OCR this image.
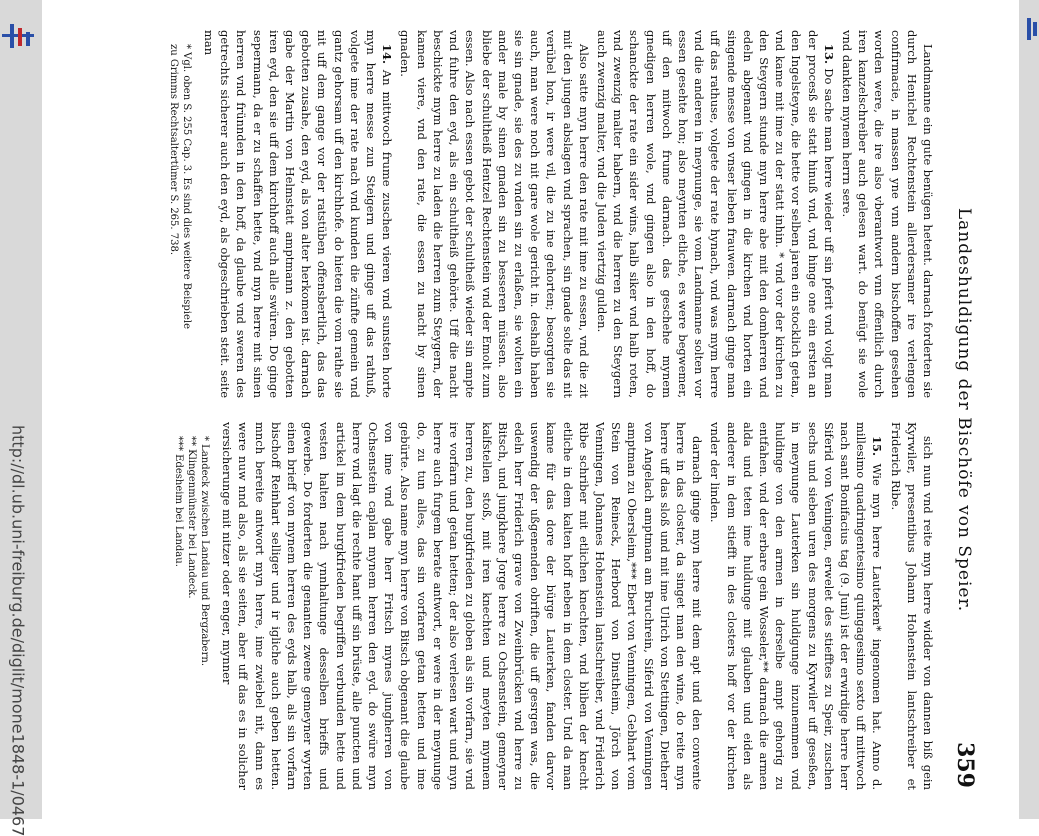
http://dl.ub.uni-freiburg.de/diglit/mone1848-1/0467
Landeshuldigung der Bischöfe von Speier.
359

Landmanne ein gute benügen hetent. darnach forderten sie durch Henichel Rechtenstein allerdersamer ire verlengen confirmacie, in massen yne vnn andern bischoffen gesehen worden were, die ire also vberantwort vnn offentlich durch iren kanzelschreiber auch gelesen wart. do benügt sie wole vnd dankten mynem herrn sere.

13. Do sache man herre wieder uff sin pferit vnd volgt man der procesß sie statt hinuß vnd, vnd hinge one ein ersten an den Ingelsteyne, die hette vor selben jaren ein stocklich getan, vnd kame mit ime zu der statt inhin. * vnd vor der kirchen zu den Steygern stunde myn herre abe mit den domherren vnd edeln abgenant vnd gingen in die kirchen vnd horten ein singende messe von vnser lieben frauwen. darnach ginge man uff das rathuse, volgete der rate hynach, vnd was mym herre vnd die anderen in meynunge, sie vom Landmanne solten vor essen gesehte hon; also meynten etliche, es were begwemer, uff den mitwoch frume darnach. das geschehe mynem gnedigen herren wole, vnd gingen also in den hoff, do schanckte der rate ein sider wins, halb siker vnd halb roten, vnd zwenzig malter habern, vnd die herren zu den Steygern auch zwenzig malter, vnd die Juden viertzig gulden.

Also satte myn herre den rate mit ime zu essen, vnd die zit mit den jungen abslagen vnd sprachen, sin gnade solte das nit verübel hon, ir were vil, die zu ine gehorten; besorgten sie auch, man were noch nit gare wole gericht in. deshalb haben sie sin gnade, sie des zu vnden sin zu erlaßen, sie wolten ein ander male by sinen gnaden sin zu besseren müssen. also bliebe der schultheiß Hentzel Rechtenstein vnd der Emolt zum essen. Also nach essen gebot der schultheiß wieder sin ampte vnd fuhre den eyd, als ein schultheiß gehörte. Uff die nacht beschickte mym herre zu laden die herren zum Steygern, der kamen viere, vnd den rate, die essen zu nacht by sinen gnaden.

14. An mittwoch frume zuschen vieren vnd sunsten horte myn herre messe zun Steigern und ginge uff das rathuß, volgete ime der rate nach vnd kunden die zünfte gemein vnd gantz gehorsam uff den kirchhofe. do hieten die vom rathe sie nit uff dem gange vor der ratstüben offensbertlich, das das gebotten zusahe, den eyd, als von alter herkomen ist. darnach gabe der Martin von Helmstatt amptmann z. den gebotten iren eyd, den sie uff dem kirchhoff auch alle swüren. Do ginge sepermann, da er zu schaffen hette, vnd myn herre mit sinen herren vnd frünnden in den hoff, da glaube vnd sweren des getrechts sicherer auch den eyd, als obgeschrieben steit. seite man

* Vgl. oben S. 255 Cap. 3. Es sind dies weitere Beispiele

zu Grimms Rechtsaltertümer S. 265. 738.

sich nun vnd reite myn herre widder von dannen biß gein Kyrwiler, presentibus Johann Hohenstein lantschreiber et Friderich Ribe.

15. Wie myn herre Lauterken* ingenomen hat. Anno d. millesimo quadringentesimo quingagesimo sexto uff mittwoch nach sant Bonifacius tag (9. Juni) ist der erwirdige herre herr Siferid von Veningen, erwelet des stiefftes zu Speir, zuschen sechs und sieben uren des morgens zu Kyrwiler uff geseßen, in meynunge Lauterken sin huldigunge inzunemmen vnd huldinge von den armen in derselbe ampt gehorig zu entfahen. vnd der erbare gein Wosseler,** darnach die armen alda und teten ime huldunge mit glauben und eiden als anderer in dem stiefft in des closters hoff vor der kirchen vnder der linden.

darnach ginge myn herre mit dem apt und den convente herre in das closter, da singet man den wine, do reite myn herre uff das sloß und mit ime Ulrich von Stettingen, Dietherr von Angelach amptman am Bruchrein, Siferid von Venningen amptman zu Obersleim,*** Ebert von Venningen, Gebhart vom Stein von Reineck, Herbord von Dinstheim, Jörch von Venningen, Johannes Hohenstein lantschreiber, vnd Friderich Ribe schriber mit etlichen knechten, vnd bliben der knecht etliche in dem kalten hoff neben in dem closter. Und da man kame für das dore der bürge Lauterken, fanden darvor uswendig der ußgenenden obriften, die uff gesrgen was, die edeln herr Friderich grave von Zweinbrücken vnd herre zu Bitsch, und jungkhere Jorge herre zu Ochsenstein, gemeyner kalfstellen stoß, mit iren knechten und meyten mynnem herren zu, den burgkfrieden zu globen als sin vorfarn, sie vnd ire vorfarn und getan hetten; der also verlesen wart und myn herre auch furgem berate antwort, er were in der meynunge do, zu tun alles, das sin vorfaren getan hetten und ime gebürte. Also name myn herre von Bitsch obgenant die glaube von ime vnd gabe herr Fritsch mynes jungherren von Ochsenstein caplan mynem herren den eyd. do swüre myn herre vnd lagt die rechte hant uff sin brüste, alle puncten und artickel im dem burgkfrieden begriffen verbunden hette und vesten halten nach ynnhaltunge desselben brieffs und gewerbe. Do forderten die genanten zwene gemeyner wyrten einen brieff von mynem herren des eyds halb, als sin vorfarn bischoff Reinhart selliger und ir igliche auch geben hetten. mnch bereite antwort myn herre, ime zwiebel nit, dann es were nuw nnd also, als sie seiten, aber uff das es in solicher versicherunge mit nitzer oder enger, mynner

* Landeck zwischen Landau und Bergzabern.

** Klingenmünster bei Landeck.

*** Edesheim bei Landau.
